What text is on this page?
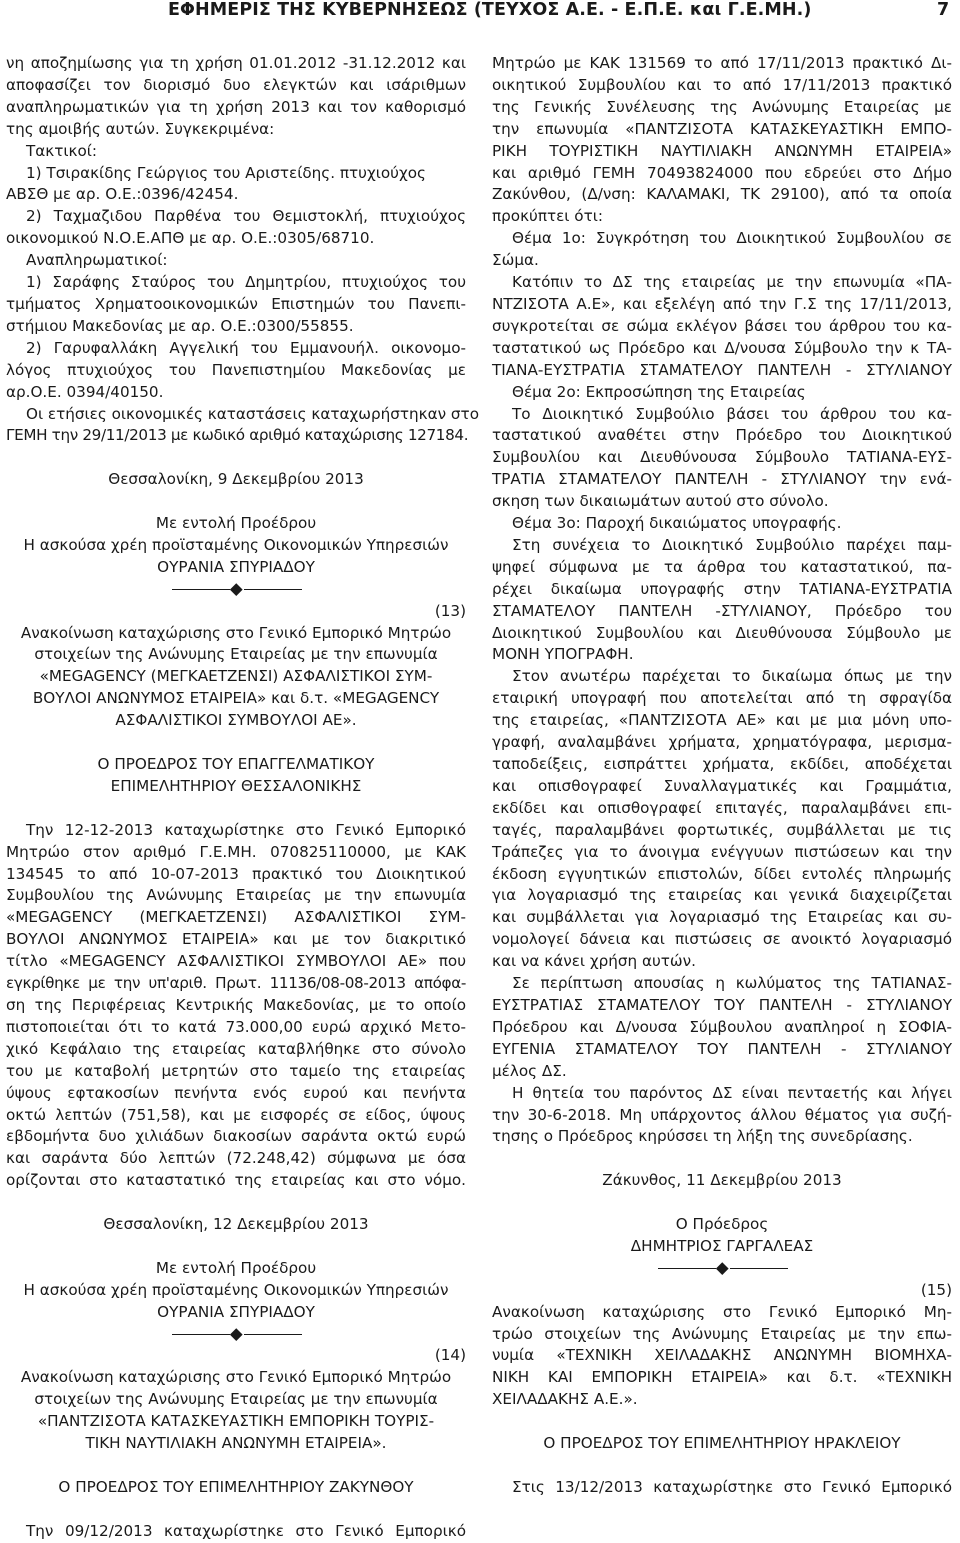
ΕΦΗΜΕΡΙΣ ΤΗΣ ΚΥΒΕΡΝΗΣΕΩΣ (ΤΕΥΧΟΣ Α.Ε. - Ε.Π.Ε. και Γ.Ε.ΜΗ.)	7
νη αποζημίωσης για τη χρήση 01.01.2012 -31.12.2012 και
αποφασίζει τον διορισμό δυο ελεγκτών και ισάριθμων
αναπληρωματικών για τη χρήση 2013 και τον καθορισμό
της αμοιβής αυτών. Συγκεκριμένα:
Τακτικοί:
1) Τσιρακίδης Γεώργιος του Αριστείδης. πτυχιούχος
ΑΒΣΘ με αρ. Ο.Ε.:0396/42454.
2) Ταχμαζιδου Παρθένα του Θεμιστοκλή, πτυχιούχος
οικονομικού Ν.Ο.Ε.ΑΠΘ με αρ. Ο.Ε.:0305/68710.
Αναπληρωματικοί:
1) Σαράφης Σταύρος του Δημητρίου, πτυχιούχος του
τμήματος Χρηματοοικονομικών Επιστημών του Πανεπι-
στήμιου Μακεδονίας με αρ. Ο.Ε.:0300/55855.
2) Γαρυφαλλάκη Αγγελική του Εμμανουήλ. οικονομο-
λόγος πτυχιούχος του Πανεπιστημίου Μακεδονίας με
αρ.Ο.Ε. 0394/40150.
Οι ετήσιες οικονομικές καταστάσεις καταχωρήστηκαν στο
ΓΕΜΗ την 29/11/2013 με κωδικό αριθμό καταχώρισης 127184.
Θεσσαλονίκη, 9 Δεκεμβρίου 2013
Με εντολή Προέδρου
Η ασκούσα χρέη προϊσταμένης Οικονομικών Υπηρεσιών
ΟΥΡΑΝΙΑ ΣΠΥΡΙΑΔΟΥ
(13)
Ανακοίνωση καταχώρισης στο Γενικό Εμπορικό Μητρώο
στοιχείων της Ανώνυμης Εταιρείας με την επωνυμία
«MEGAGENCY (ΜΕΓΚΑΕΤΖΕΝΣΙ) ΑΣΦΑΛΙΣΤΙΚΟΙ ΣΥΜ-
ΒΟΥΛΟΙ ΑΝΩΝΥΜΟΣ ΕΤΑΙΡΕΙΑ» και δ.τ. «MEGAGENCY
ΑΣΦΑΛΙΣΤΙΚΟΙ ΣΥΜΒΟΥΛΟΙ ΑΕ».
Ο ΠΡΟΕΔΡΟΣ ΤΟΥ ΕΠΑΓΓΕΛΜΑΤΙΚΟΥ
ΕΠΙΜΕΛΗΤΗΡΙΟΥ ΘΕΣΣΑΛΟΝΙΚΗΣ
Την 12-12-2013 καταχωρίστηκε στο Γενικό Εμπορικό
Μητρώο στον αριθμό Γ.Ε.ΜΗ. 070825110000, με ΚΑΚ
134545 το από 10-07-2013 πρακτικό του Διοικητικού
Συμβουλίου της Ανώνυμης Εταιρείας με την επωνυμία
«MEGAGENCY (ΜΕΓΚΑΕΤΖΕΝΣΙ) ΑΣΦΑΛΙΣΤΙΚΟΙ ΣΥΜ-
ΒΟΥΛΟΙ ΑΝΩΝΥΜΟΣ ΕΤΑΙΡΕΙΑ» και με τον διακριτικό
τίτλο «MEGAGENCY ΑΣΦΑΛΙΣΤΙΚΟΙ ΣΥΜΒΟΥΛΟΙ ΑΕ» που
εγκρίθηκε με την υπ'αριθ. Πρωτ. 11136/08-08-2013 απόφα-
ση της Περιφέρειας Κεντρικής Μακεδονίας, με το οποίο
πιστοποιείται ότι το κατά 73.000,00 ευρώ αρχικό Μετο-
χικό Κεφάλαιο της εταιρείας καταβλήθηκε στο σύνολο
του με καταβολή μετρητών στο ταμείο της εταιρείας
ύψους εφτακοσίων πενήντα ενός ευρού και πενήντα
οκτώ λεπτών (751,58), και με εισφορές σε είδος, ύψους
εβδομήντα δυο χιλιάδων διακοσίων σαράντα οκτώ ευρώ
και σαράντα δύο λεπτών (72.248,42) σύμφωνα με όσα
ορίζονται στο καταστατικό της εταιρείας και στο νόμο.
Θεσσαλονίκη, 12 Δεκεμβρίου 2013
Με εντολή Προέδρου
Η ασκούσα χρέη προϊσταμένης Οικονομικών Υπηρεσιών
ΟΥΡΑΝΙΑ ΣΠΥΡΙΑΔΟΥ
(14)
Ανακοίνωση καταχώρισης στο Γενικό Εμπορικό Μητρώο
στοιχείων της Ανώνυμης Εταιρείας με την επωνυμία
«ΠΑΝΤΖΙΣΟΤΑ ΚΑΤΑΣΚΕΥΑΣΤΙΚΗ ΕΜΠΟΡΙΚΗ ΤΟΥΡΙΣ-
ΤΙΚΗ ΝΑΥΤΙΛΙΑΚΗ ΑΝΩΝΥΜΗ ΕΤΑΙΡΕΙΑ».
Ο ΠΡΟΕΔΡΟΣ ΤΟΥ ΕΠΙΜΕΛΗΤΗΡΙΟΥ ΖΑΚΥΝΘΟΥ
Την 09/12/2013 καταχωρίστηκε στο Γενικό Εμπορικό
Μητρώο με ΚΑΚ 131569 το από 17/11/2013 πρακτικό Δι-
οικητικού Συμβουλίου και το από 17/11/2013 πρακτικό
της Γενικής Συνέλευσης της Ανώνυμης Εταιρείας με
την επωνυμία «ΠΑΝΤΖΙΣΟΤΑ ΚΑΤΑΣΚΕΥΑΣΤΙΚΗ ΕΜΠΟ-
ΡΙΚΗ ΤΟΥΡΙΣΤΙΚΗ ΝΑΥΤΙΛΙΑΚΗ ΑΝΩΝΥΜΗ ΕΤΑΙΡΕΙΑ»
και αριθμό ΓΕΜΗ 70493824000 που εδρεύει στο Δήμο
Ζακύνθου, (Δ/νση: ΚΑΛΑΜΑΚΙ, ΤΚ 29100), από τα οποία
προκύπτει ότι:
Θέμα 1ο: Συγκρότηση του Διοικητικού Συμβουλίου σε
Σώμα.
Κατόπιν το ΔΣ της εταιρείας με την επωνυμία «ΠΑ-
ΝΤΖΙΣΟΤΑ Α.Ε», και εξελέγη από την Γ.Σ της 17/11/2013,
συγκροτείται σε σώμα εκλέγον βάσει του άρθρου του κα-
ταστατικού ως Πρόεδρο και Δ/νουσα Σύμβουλο την κ ΤΑ-
ΤΙΑΝΑ-ΕΥΣΤΡΑΤΙΑ ΣΤΑΜΑΤΕΛΟΥ ΠΑΝΤΕΛΗ - ΣΤΥΛΙΑΝΟΥ
Θέμα 2ο: Εκπροσώπηση της Εταιρείας
Το Διοικητικό Συμβούλιο βάσει του άρθρου του κα-
ταστατικού αναθέτει στην Πρόεδρο του Διοικητικού
Συμβουλίου και Διευθύνουσα Σύμβουλο ΤΑΤΙΑΝΑ-ΕΥΣ-
ΤΡΑΤΙΑ ΣΤΑΜΑΤΕΛΟΥ ΠΑΝΤΕΛΗ - ΣΤΥΛΙΑΝΟΥ την ενά-
σκηση των δικαιωμάτων αυτού στο σύνολο.
Θέμα 3ο: Παροχή δικαιώματος υπογραφής.
Στη συνέχεια το Διοικητικό Συμβούλιο παρέχει παμ-
ψηφεί σύμφωνα με τα άρθρα του καταστατικού, πα-
ρέχει δικαίωμα υπογραφής στην ΤΑΤΙΑΝΑ-ΕΥΣΤΡΑΤΙΑ
ΣΤΑΜΑΤΕΛΟΥ ΠΑΝΤΕΛΗ -ΣΤΥΛΙΑΝΟΥ, Πρόεδρο του
Διοικητικού Συμβουλίου και Διευθύνουσα Σύμβουλο με
ΜΟΝΗ ΥΠΟΓΡΑΦΗ.
Στον ανωτέρω παρέχεται το δικαίωμα όπως με την
εταιρική υπογραφή που αποτελείται από τη σφραγίδα
της εταιρείας, «ΠΑΝΤΖΙΣΟΤΑ ΑΕ» και με μια μόνη υπο-
γραφή, αναλαμβάνει χρήματα, χρηματόγραφα, μερισμα-
ταποδείξεις, εισπράττει χρήματα, εκδίδει, αποδέχεται
και οπισθογραφεί Συναλλαγματικές και Γραμμάτια,
εκδίδει και οπισθογραφεί επιταγές, παραλαμβάνει επι-
ταγές, παραλαμβάνει φορτωτικές, συμβάλλεται με τις
Τράπεζες για το άνοιγμα ενέγγυων πιστώσεων και την
έκδοση εγγυητικών επιστολών, δίδει εντολές πληρωμής
για λογαριασμό της εταιρείας και γενικά διαχειρίζεται
και συμβάλλεται για λογαριασμό της Εταιρείας και συ-
νομολογεί δάνεια και πιστώσεις σε ανοικτό λογαριασμό
και να κάνει χρήση αυτών.
Σε περίπτωση απουσίας η κωλύματος της ΤΑΤΙΑΝΑΣ-
ΕΥΣΤΡΑΤΙΑΣ ΣΤΑΜΑΤΕΛΟΥ ΤΟΥ ΠΑΝΤΕΛΗ - ΣΤΥΛΙΑΝΟΥ
Πρόεδρου και Δ/νουσα Σύμβουλου αναπληροί η ΣΟΦΙΑ-
ΕΥΓΕΝΙΑ ΣΤΑΜΑΤΕΛΟΥ ΤΟΥ ΠΑΝΤΕΛΗ - ΣΤΥΛΙΑΝΟΥ
μέλος ΔΣ.
Η θητεία του παρόντος ΔΣ είναι πενταετής και λήγει
την 30-6-2018. Μη υπάρχοντος άλλου θέματος για συζή-
τησης ο Πρόεδρος κηρύσσει τη λήξη της συνεδρίασης.
Ζάκυνθος, 11 Δεκεμβρίου 2013
Ο Πρόεδρος
ΔΗΜΗΤΡΙΟΣ ΓΑΡΓΑΛΕΑΣ
(15)
Ανακοίνωση καταχώρισης στο Γενικό Εμπορικό Μη-
τρώο στοιχείων της Ανώνυμης Εταιρείας με την επω-
νυμία «ΤΕΧΝΙΚΗ ΧΕΙΛΑΔΑΚΗΣ ΑΝΩΝΥΜΗ ΒΙΟΜΗΧΑ-
ΝΙΚΗ ΚΑΙ ΕΜΠΟΡΙΚΗ ΕΤΑΙΡΕΙΑ» και δ.τ. «ΤΕΧΝΙΚΗ
ΧΕΙΛΑΔΑΚΗΣ Α.Ε.».
Ο ΠΡΟΕΔΡΟΣ ΤΟΥ ΕΠΙΜΕΛΗΤΗΡΙΟΥ ΗΡΑΚΛΕΙΟΥ
Στις 13/12/2013 καταχωρίστηκε στο Γενικό Εμπορικό
